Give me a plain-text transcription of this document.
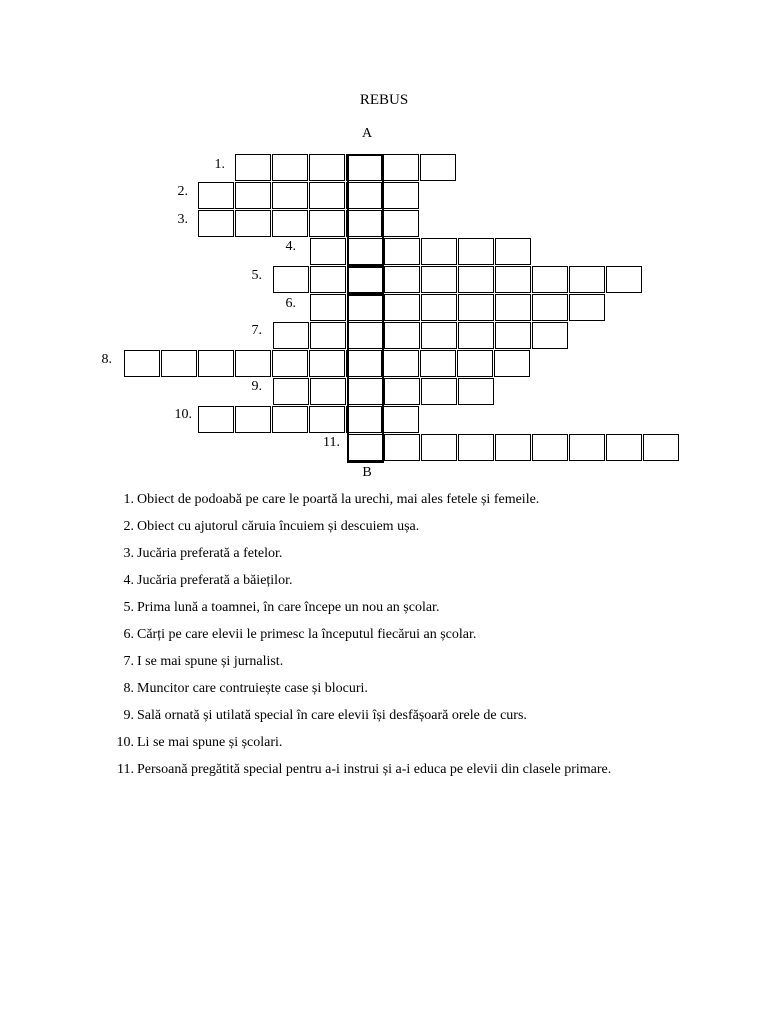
REBUS
A
1.
2.
3.
4.
5.
6.
7.
8.
9.
10.
11.
B
1. Obiect de podoabă pe care le poartă la urechi, mai ales fetele și femeile.
2. Obiect cu ajutorul căruia încuiem și descuiem ușa.
3. Jucăria preferată a fetelor.
4. Jucăria preferată a băieților.
5. Prima lună a toamnei, în care începe un nou an școlar.
6. Cărți pe care elevii le primesc la începutul fiecărui an școlar.
7. I se mai spune și jurnalist.
8. Muncitor care contruiește case și blocuri.
9. Sală ornată și utilată special în care elevii își desfășoară orele de curs.
10. Li se mai spune și școlari.
11. Persoană pregătită special pentru a-i instrui și a-i educa pe elevii din clasele primare.
